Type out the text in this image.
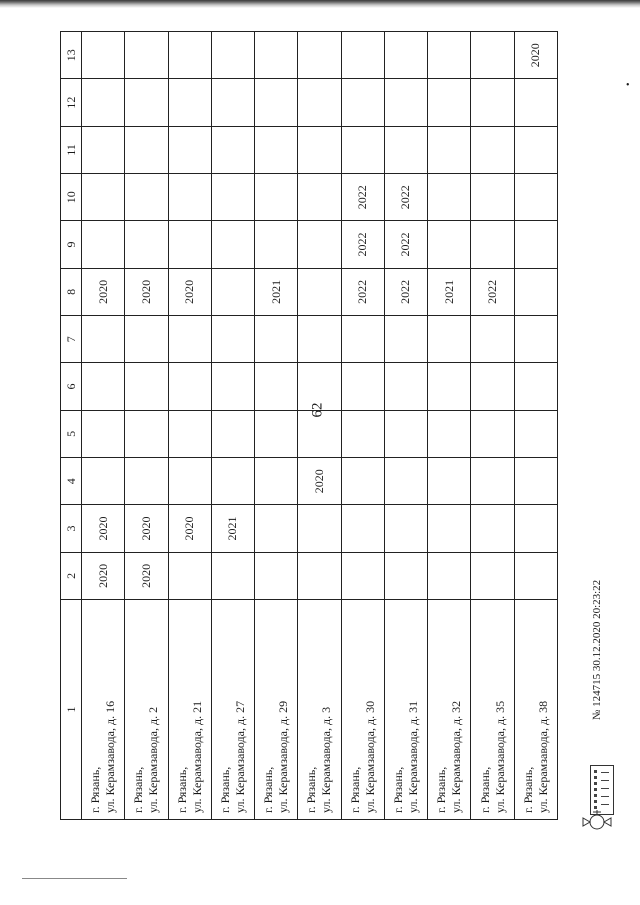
62
1	2	3	4	5	6	7	8	9	10	11	12	13

г. Рязань, ул. Керамзавода, д. 16	2020	2020					2020					

г. Рязань, ул. Керамзавода, д. 2	2020	2020					2020					

г. Рязань, ул. Керамзавода, д. 21		2020					2020					

г. Рязань, ул. Керамзавода, д. 27		2021										

г. Рязань, ул. Керамзавода, д. 29							2021					

г. Рязань, ул. Керамзавода, д. 3			2020									

г. Рязань, ул. Керамзавода, д. 30							2022	2022	2022			

г. Рязань, ул. Керамзавода, д. 31							2022	2022	2022			

г. Рязань, ул. Керамзавода, д. 32							2021					

г. Рязань, ул. Керамзавода, д. 35							2022					

г. Рязань, ул. Керамзавода, д. 38												2020
№ 124715 30.12.2020 20:23:22
•
